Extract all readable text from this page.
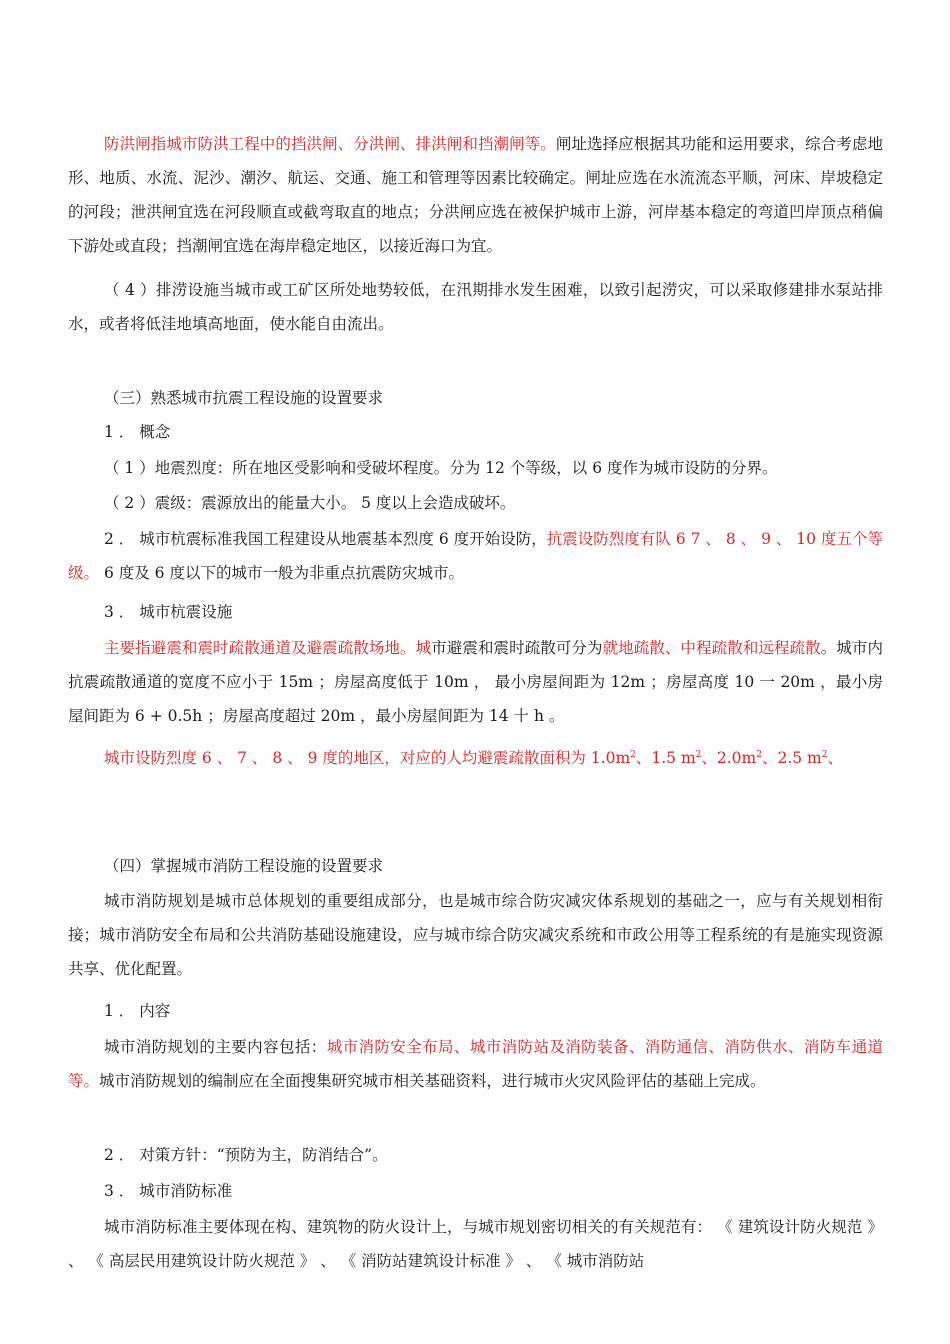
防洪闸指城市防洪工程中的挡洪闸、分洪闸、排洪闸和挡潮闸等。闸址选择应根据其功能和运用要求，综合考虑地形、地质、水流、泥沙、潮汐、航运、交通、施工和管理等因素比较确定。闸址应选在水流流态平顺，河床、岸坡稳定的河段；泄洪闸宜选在河段顺直或截弯取直的地点；分洪闸应选在被保护城市上游，河岸基本稳定的弯道凹岸顶点稍偏下游处或直段；挡潮闸宜选在海岸稳定地区，以接近海口为宜。
（ 4 ）排涝设施当城市或工矿区所处地势较低，在汛期排水发生困难，以致引起涝灾，可以采取修建排水泵站排水，或者将低洼地填高地面，使水能自由流出。
（三）熟悉城市抗震工程设施的设置要求
1 ． 概念
（ 1 ）地震烈度：所在地区受影响和受破坏程度。分为 12 个等级，以 6 度作为城市设防的分界。
（ 2 ）震级：震源放出的能量大小。 5 度以上会造成破坏。
2 ． 城市杭震标准我国工程建设从地震基本烈度 6 度开始设防，抗震设防烈度有队 6 7 、 8 、 9 、 10 度五个等级。 6 度及 6 度以下的城市一般为非重点抗震防灾城市。
3 ． 城市杭震设施
主要指避震和震时疏散通道及避震疏散场地。城市避震和震时疏散可分为就地疏散、中程疏散和远程疏散。城市内抗震疏散通道的宽度不应小于 15m ；房屋高度低于 10m ， 最小房屋间距为 12m ；房屋高度 10 一 20m ，最小房屋间距为 6 + 0.5h ；房屋高度超过 20m ，最小房屋间距为 14 十 h 。
城市设防烈度 6 、 7 、 8 、 9 度的地区，对应的人均避震疏散面积为 $1.0m^2$、1.5 $m^2$、$2.0m^2$、2.5 $m^2$、
（四）掌握城市消防工程设施的设置要求
城市消防规划是城市总体规划的重要组成部分，也是城市综合防灾减灾体系规划的基础之一，应与有关规划相衔接；城市消防安全布局和公共消防基础设施建设，应与城市综合防灾减灾系统和市政公用等工程系统的有是施实现资源共享、优化配置。
1 ． 内容
城市消防规划的主要内容包括：城市消防安全布局、城市消防站及消防装备、消防通信、消防供水、消防车通道等。城市消防规划的编制应在全面搜集研究城市相关基础资料，进行城市火灾风险评估的基础上完成。
2 ． 对策方针：“预防为主，防消结合”。
3 ． 城市消防标准
城市消防标准主要体现在构、建筑物的防火设计上，与城市规划密切相关的有关规范有： 《 建筑设计防火规范 》 、 《 高层民用建筑设计防火规范 》 、 《 消防站建筑设计标准 》 、 《 城市消防站
